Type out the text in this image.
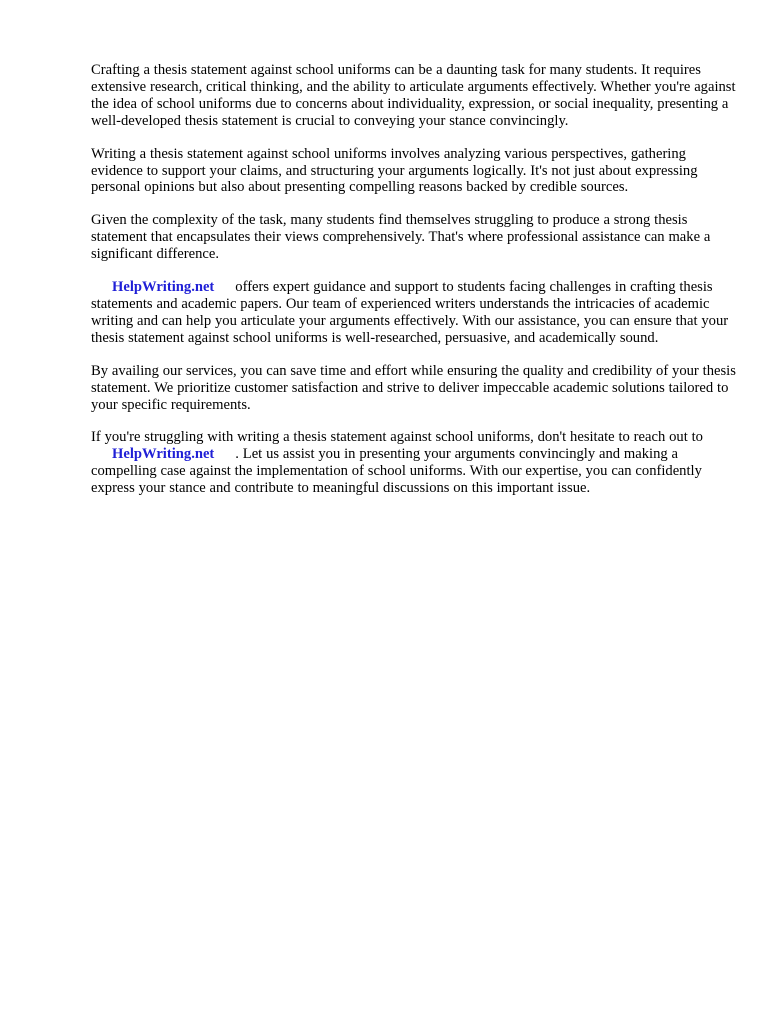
Crafting a thesis statement against school uniforms can be a daunting task for many students. It requires extensive research, critical thinking, and the ability to articulate arguments effectively. Whether you're against the idea of school uniforms due to concerns about individuality, expression, or social inequality, presenting a well-developed thesis statement is crucial to conveying your stance convincingly.

Writing a thesis statement against school uniforms involves analyzing various perspectives, gathering evidence to support your claims, and structuring your arguments logically. It's not just about expressing personal opinions but also about presenting compelling reasons backed by credible sources.

Given the complexity of the task, many students find themselves struggling to produce a strong thesis statement that encapsulates their views comprehensively. That's where professional assistance can make a significant difference.

HelpWriting.net offers expert guidance and support to students facing challenges in crafting thesis statements and academic papers. Our team of experienced writers understands the intricacies of academic writing and can help you articulate your arguments effectively. With our assistance, you can ensure that your thesis statement against school uniforms is well-researched, persuasive, and academically sound.

By availing our services, you can save time and effort while ensuring the quality and credibility of your thesis statement. We prioritize customer satisfaction and strive to deliver impeccable academic solutions tailored to your specific requirements.

If you're struggling with writing a thesis statement against school uniforms, don't hesitate to reach out toHelpWriting.net . Let us assist you in presenting your arguments convincingly and making a compelling case against the implementation of school uniforms. With our expertise, you can confidently express your stance and contribute to meaningful discussions on this important issue.
